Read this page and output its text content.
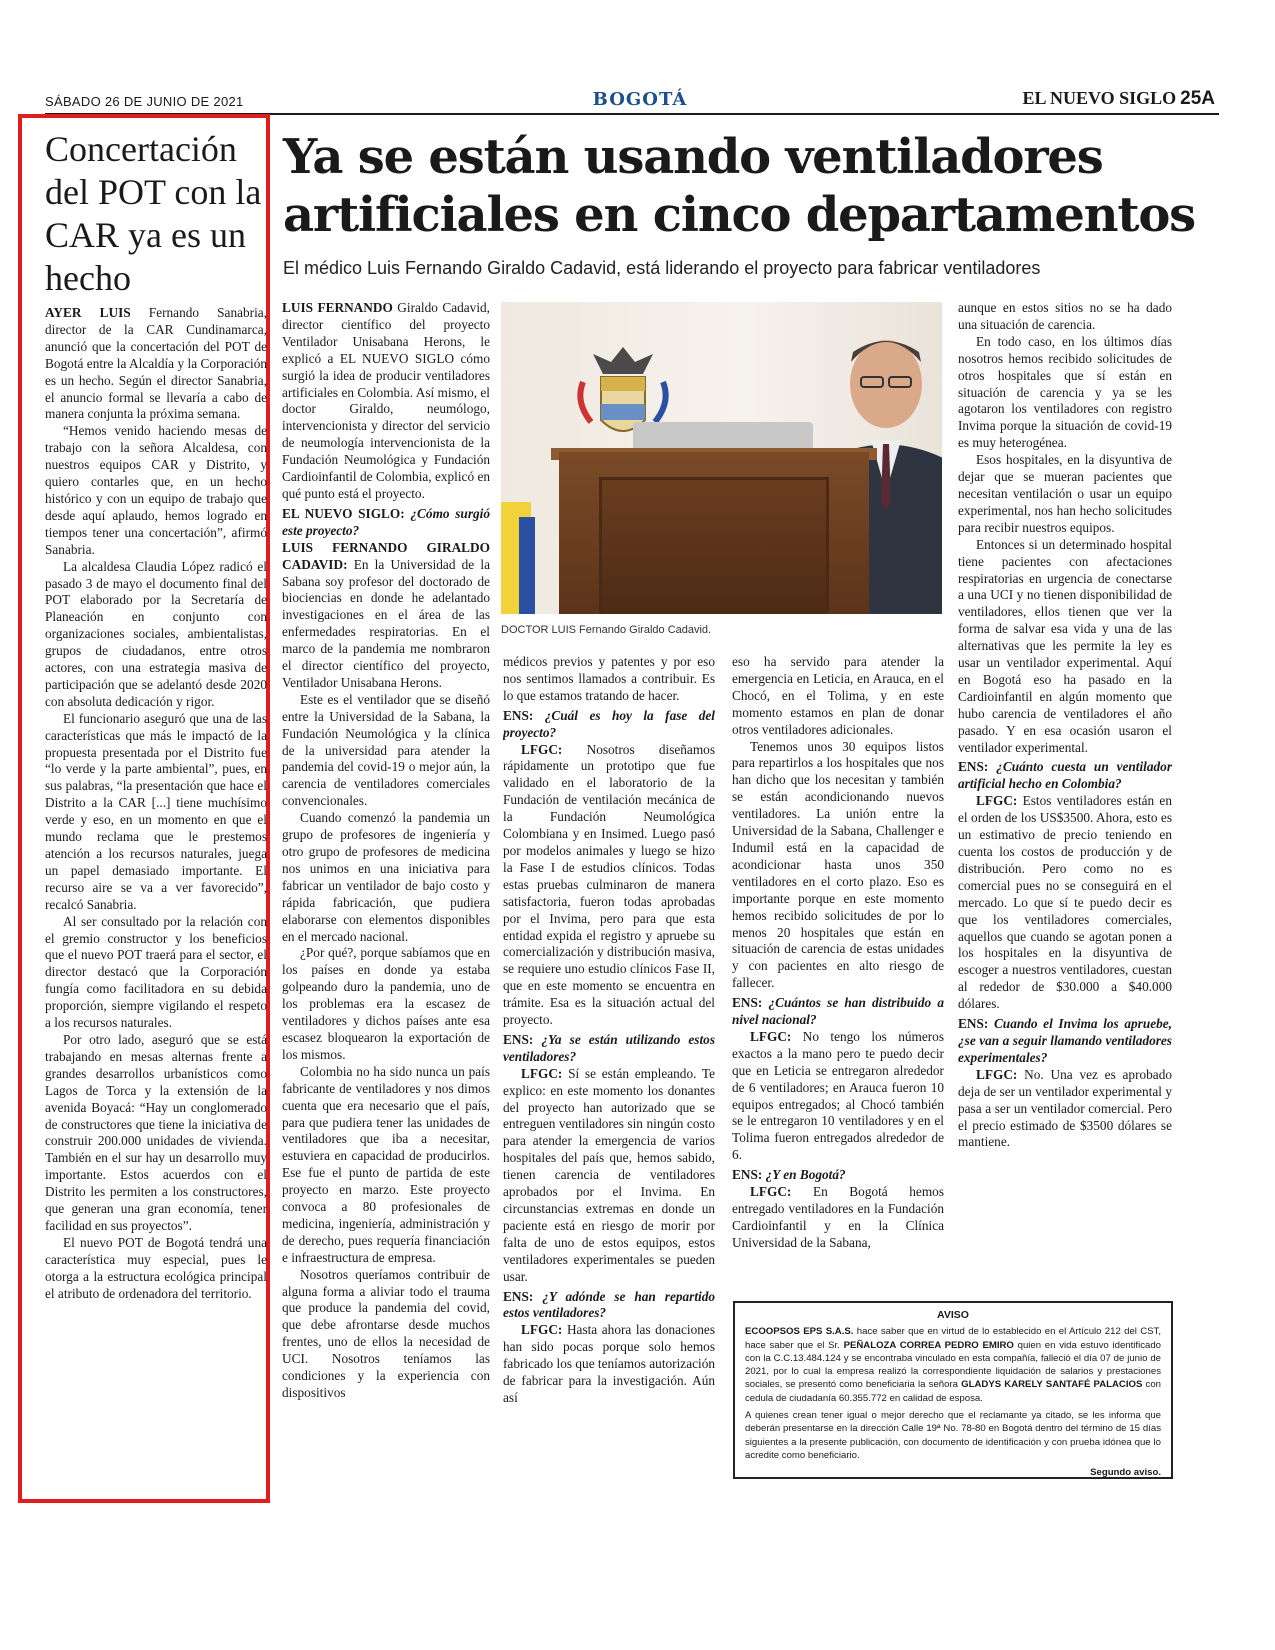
SÁBADO 26 DE JUNIO DE 2021	BOGOTÁ	EL NUEVO SIGLO 25A
Concertación del POT con la CAR ya es un hecho

AYER LUIS Fernando Sanabria, director de la CAR Cundinamarca, anunció que la concertación del POT de Bogotá entre la Alcaldía y la Corporación es un hecho. Según el director Sanabria, el anuncio formal se llevaría a cabo de manera conjunta la próxima semana.

“Hemos venido haciendo mesas de trabajo con la señora Alcaldesa, con nuestros equipos CAR y Distrito, y quiero contarles que, en un hecho histórico y con un equipo de trabajo que desde aquí aplaudo, hemos logrado en tiempos tener una concertación”, afirmó Sanabria.

La alcaldesa Claudia López radicó el pasado 3 de mayo el documento final del POT elaborado por la Secretaría de Planeación en conjunto con organizaciones sociales, ambientalistas, grupos de ciudadanos, entre otros actores, con una estrategia masiva de participación que se adelantó desde 2020 con absoluta dedicación y rigor.

El funcionario aseguró que una de las características que más le impactó de la propuesta presentada por el Distrito fue “lo verde y la parte ambiental”, pues, en sus palabras, “la presentación que hace el Distrito a la CAR [...] tiene muchísimo verde y eso, en un momento en que el mundo reclama que le prestemos atención a los recursos naturales, juega un papel demasiado importante. El recurso aire se va a ver favorecido”, recalcó Sanabria.

Al ser consultado por la relación con el gremio constructor y los beneficios que el nuevo POT traerá para el sector, el director destacó que la Corporación fungía como facilitadora en su debida proporción, siempre vigilando el respeto a los recursos naturales.

Por otro lado, aseguró que se está trabajando en mesas alternas frente a grandes desarrollos urbanísticos como Lagos de Torca y la extensión de la avenida Boyacá: “Hay un conglomerado de constructores que tiene la iniciativa de construir 200.000 unidades de vivienda. También en el sur hay un desarrollo muy importante. Estos acuerdos con el Distrito les permiten a los constructores, que generan una gran economía, tener facilidad en sus proyectos”.

El nuevo POT de Bogotá tendrá una característica muy especial, pues le otorga a la estructura ecológica principal el atributo de ordenadora del territorio.

Ya se están usando ventiladores artificiales en cinco departamentos
El médico Luis Fernando Giraldo Cadavid, está liderando el proyecto para fabricar ventiladores

LUIS FERNANDO Giraldo Cadavid, director científico del proyecto Ventilador Unisabana Herons, le explicó a EL NUEVO SIGLO cómo surgió la idea de producir ventiladores artificiales en Colombia. Así mismo, el doctor Giraldo, neumólogo, intervencionista y director del servicio de neumología intervencionista de la Fundación Neumológica y Fundación Cardioinfantil de Colombia, explicó en qué punto está el proyecto.

EL NUEVO SIGLO: ¿Cómo surgió este proyecto?

LUIS FERNANDO GIRALDO CADAVID: En la Universidad de la Sabana soy profesor del doctorado de biociencias en donde he adelantado investigaciones en el área de las enfermedades respiratorias. En el marco de la pandemia me nombraron el director científico del proyecto, Ventilador Unisabana Herons.

Este es el ventilador que se diseñó entre la Universidad de la Sabana, la Fundación Neumológica y la clínica de la universidad para atender la pandemia del covid-19 o mejor aún, la carencia de ventiladores comerciales convencionales.

Cuando comenzó la pandemia un grupo de profesores de ingeniería y otro grupo de profesores de medicina nos unimos en una iniciativa para fabricar un ventilador de bajo costo y rápida fabricación, que pudiera elaborarse con elementos disponibles en el mercado nacional.

¿Por qué?, porque sabíamos que en los países en donde ya estaba golpeando duro la pandemia, uno de los problemas era la escasez de ventiladores y dichos países ante esa escasez bloquearon la exportación de los mismos.

Colombia no ha sido nunca un país fabricante de ventiladores y nos dimos cuenta que era necesario que el país, para que pudiera tener las unidades de ventiladores que iba a necesitar, estuviera en capacidad de producirlos. Ese fue el punto de partida de este proyecto en marzo. Este proyecto convoca a 80 profesionales de medicina, ingeniería, administración y de derecho, pues requería financiación e infraestructura de empresa.

Nosotros queríamos contribuir de alguna forma a aliviar todo el trauma que produce la pandemia del covid, que debe afrontarse desde muchos frentes, uno de ellos la necesidad de UCI. Nosotros teníamos las condiciones y la experiencia con dispositivos

DOCTOR LUIS Fernando Giraldo Cadavid.

médicos previos y patentes y por eso nos sentimos llamados a contribuir. Es lo que estamos tratando de hacer.

ENS: ¿Cuál es hoy la fase del proyecto?

LFGC: Nosotros diseñamos rápidamente un prototipo que fue validado en el laboratorio de la Fundación de ventilación mecánica de la Fundación Neumológica Colombiana y en Insimed. Luego pasó por modelos animales y luego se hizo la Fase I de estudios clínicos. Todas estas pruebas culminaron de manera satisfactoria, fueron todas aprobadas por el Invima, pero para que esta entidad expida el registro y apruebe su comercialización y distribución masiva, se requiere uno estudio clínicos Fase II, que en este momento se encuentra en trámite. Esa es la situación actual del proyecto.

ENS: ¿Ya se están utilizando estos ventiladores?

LFGC: Sí se están empleando. Te explico: en este momento los donantes del proyecto han autorizado que se entreguen ventiladores sin ningún costo para atender la emergencia de varios hospitales del país que, hemos sabido, tienen carencia de ventiladores aprobados por el Invima. En circunstancias extremas en donde un paciente está en riesgo de morir por falta de uno de estos equipos, estos ventiladores experimentales se pueden usar.

ENS: ¿Y adónde se han repartido estos ventiladores?

LFGC: Hasta ahora las donaciones han sido pocas porque solo hemos fabricado los que teníamos autorización de fabricar para la investigación. Aún así

eso ha servido para atender la emergencia en Leticia, en Arauca, en el Chocó, en el Tolima, y en este momento estamos en plan de donar otros ventiladores adicionales.

Tenemos unos 30 equipos listos para repartirlos a los hospitales que nos han dicho que los necesitan y también se están acondicionando nuevos ventiladores. La unión entre la Universidad de la Sabana, Challenger e Indumil está en la capacidad de acondicionar hasta unos 350 ventiladores en el corto plazo. Eso es importante porque en este momento hemos recibido solicitudes de por lo menos 20 hospitales que están en situación de carencia de estas unidades y con pacientes en alto riesgo de fallecer.

ENS: ¿Cuántos se han distribuido a nivel nacional?

LFGC: No tengo los números exactos a la mano pero te puedo decir que en Leticia se entregaron alrededor de 6 ventiladores; en Arauca fueron 10 equipos entregados; al Chocó también se le entregaron 10 ventiladores y en el Tolima fueron entregados alrededor de 6.

ENS: ¿Y en Bogotá?

LFGC: En Bogotá hemos entregado ventiladores en la Fundación Cardioinfantil y en la Clínica Universidad de la Sabana,

aunque en estos sitios no se ha dado una situación de carencia.

En todo caso, en los últimos días nosotros hemos recibido solicitudes de otros hospitales que sí están en situación de carencia y ya se les agotaron los ventiladores con registro Invima porque la situación de covid-19 es muy heterogénea.

Esos hospitales, en la disyuntiva de dejar que se mueran pacientes que necesitan ventilación o usar un equipo experimental, nos han hecho solicitudes para recibir nuestros equipos.

Entonces si un determinado hospital tiene pacientes con afectaciones respiratorias en urgencia de conectarse a una UCI y no tienen disponibilidad de ventiladores, ellos tienen que ver la forma de salvar esa vida y una de las alternativas que les permite la ley es usar un ventilador experimental. Aquí en Bogotá eso ha pasado en la Cardioinfantil en algún momento que hubo carencia de ventiladores el año pasado. Y en esa ocasión usaron el ventilador experimental.

ENS: ¿Cuánto cuesta un ventilador artificial hecho en Colombia?

LFGC: Estos ventiladores están en el orden de los US$3500. Ahora, esto es un estimativo de precio teniendo en cuenta los costos de producción y de distribución. Pero como no es comercial pues no se conseguirá en el mercado. Lo que sí te puedo decir es que los ventiladores comerciales, aquellos que cuando se agotan ponen a los hospitales en la disyuntiva de escoger a nuestros ventiladores, cuestan al rededor de $30.000 a $40.000 dólares.

ENS: Cuando el Invima los apruebe, ¿se van a seguir llamando ventiladores experimentales?

LFGC: No. Una vez es aprobado deja de ser un ventilador experimental y pasa a ser un ventilador comercial. Pero el precio estimado de $3500 dólares se mantiene.

AVISO

ECOOPSOS EPS S.A.S. hace saber que en virtud de lo establecido en el Artículo 212 del CST, hace saber que el Sr. PEÑALOZA CORREA PEDRO EMIRO quien en vida estuvo identificado con la C.C.13.484.124 y se encontraba vinculado en esta compañía, falleció el día 07 de junio de 2021, por lo cual la empresa realizó la correspondiente liquidación de salarios y prestaciones sociales, se presentó como beneficiaria la señora GLADYS KARELY SANTAFÉ PALACIOS con cedula de ciudadanía 60.355.772 en calidad de esposa.

A quienes crean tener igual o mejor derecho que el reclamante ya citado, se les informa que deberán presentarse en la dirección Calle 19ª No. 78-80 en Bogotá dentro del término de 15 días siguientes a la presente publicación, con documento de identificación y con prueba idónea que lo acredite como beneficiario.

Segundo aviso.
